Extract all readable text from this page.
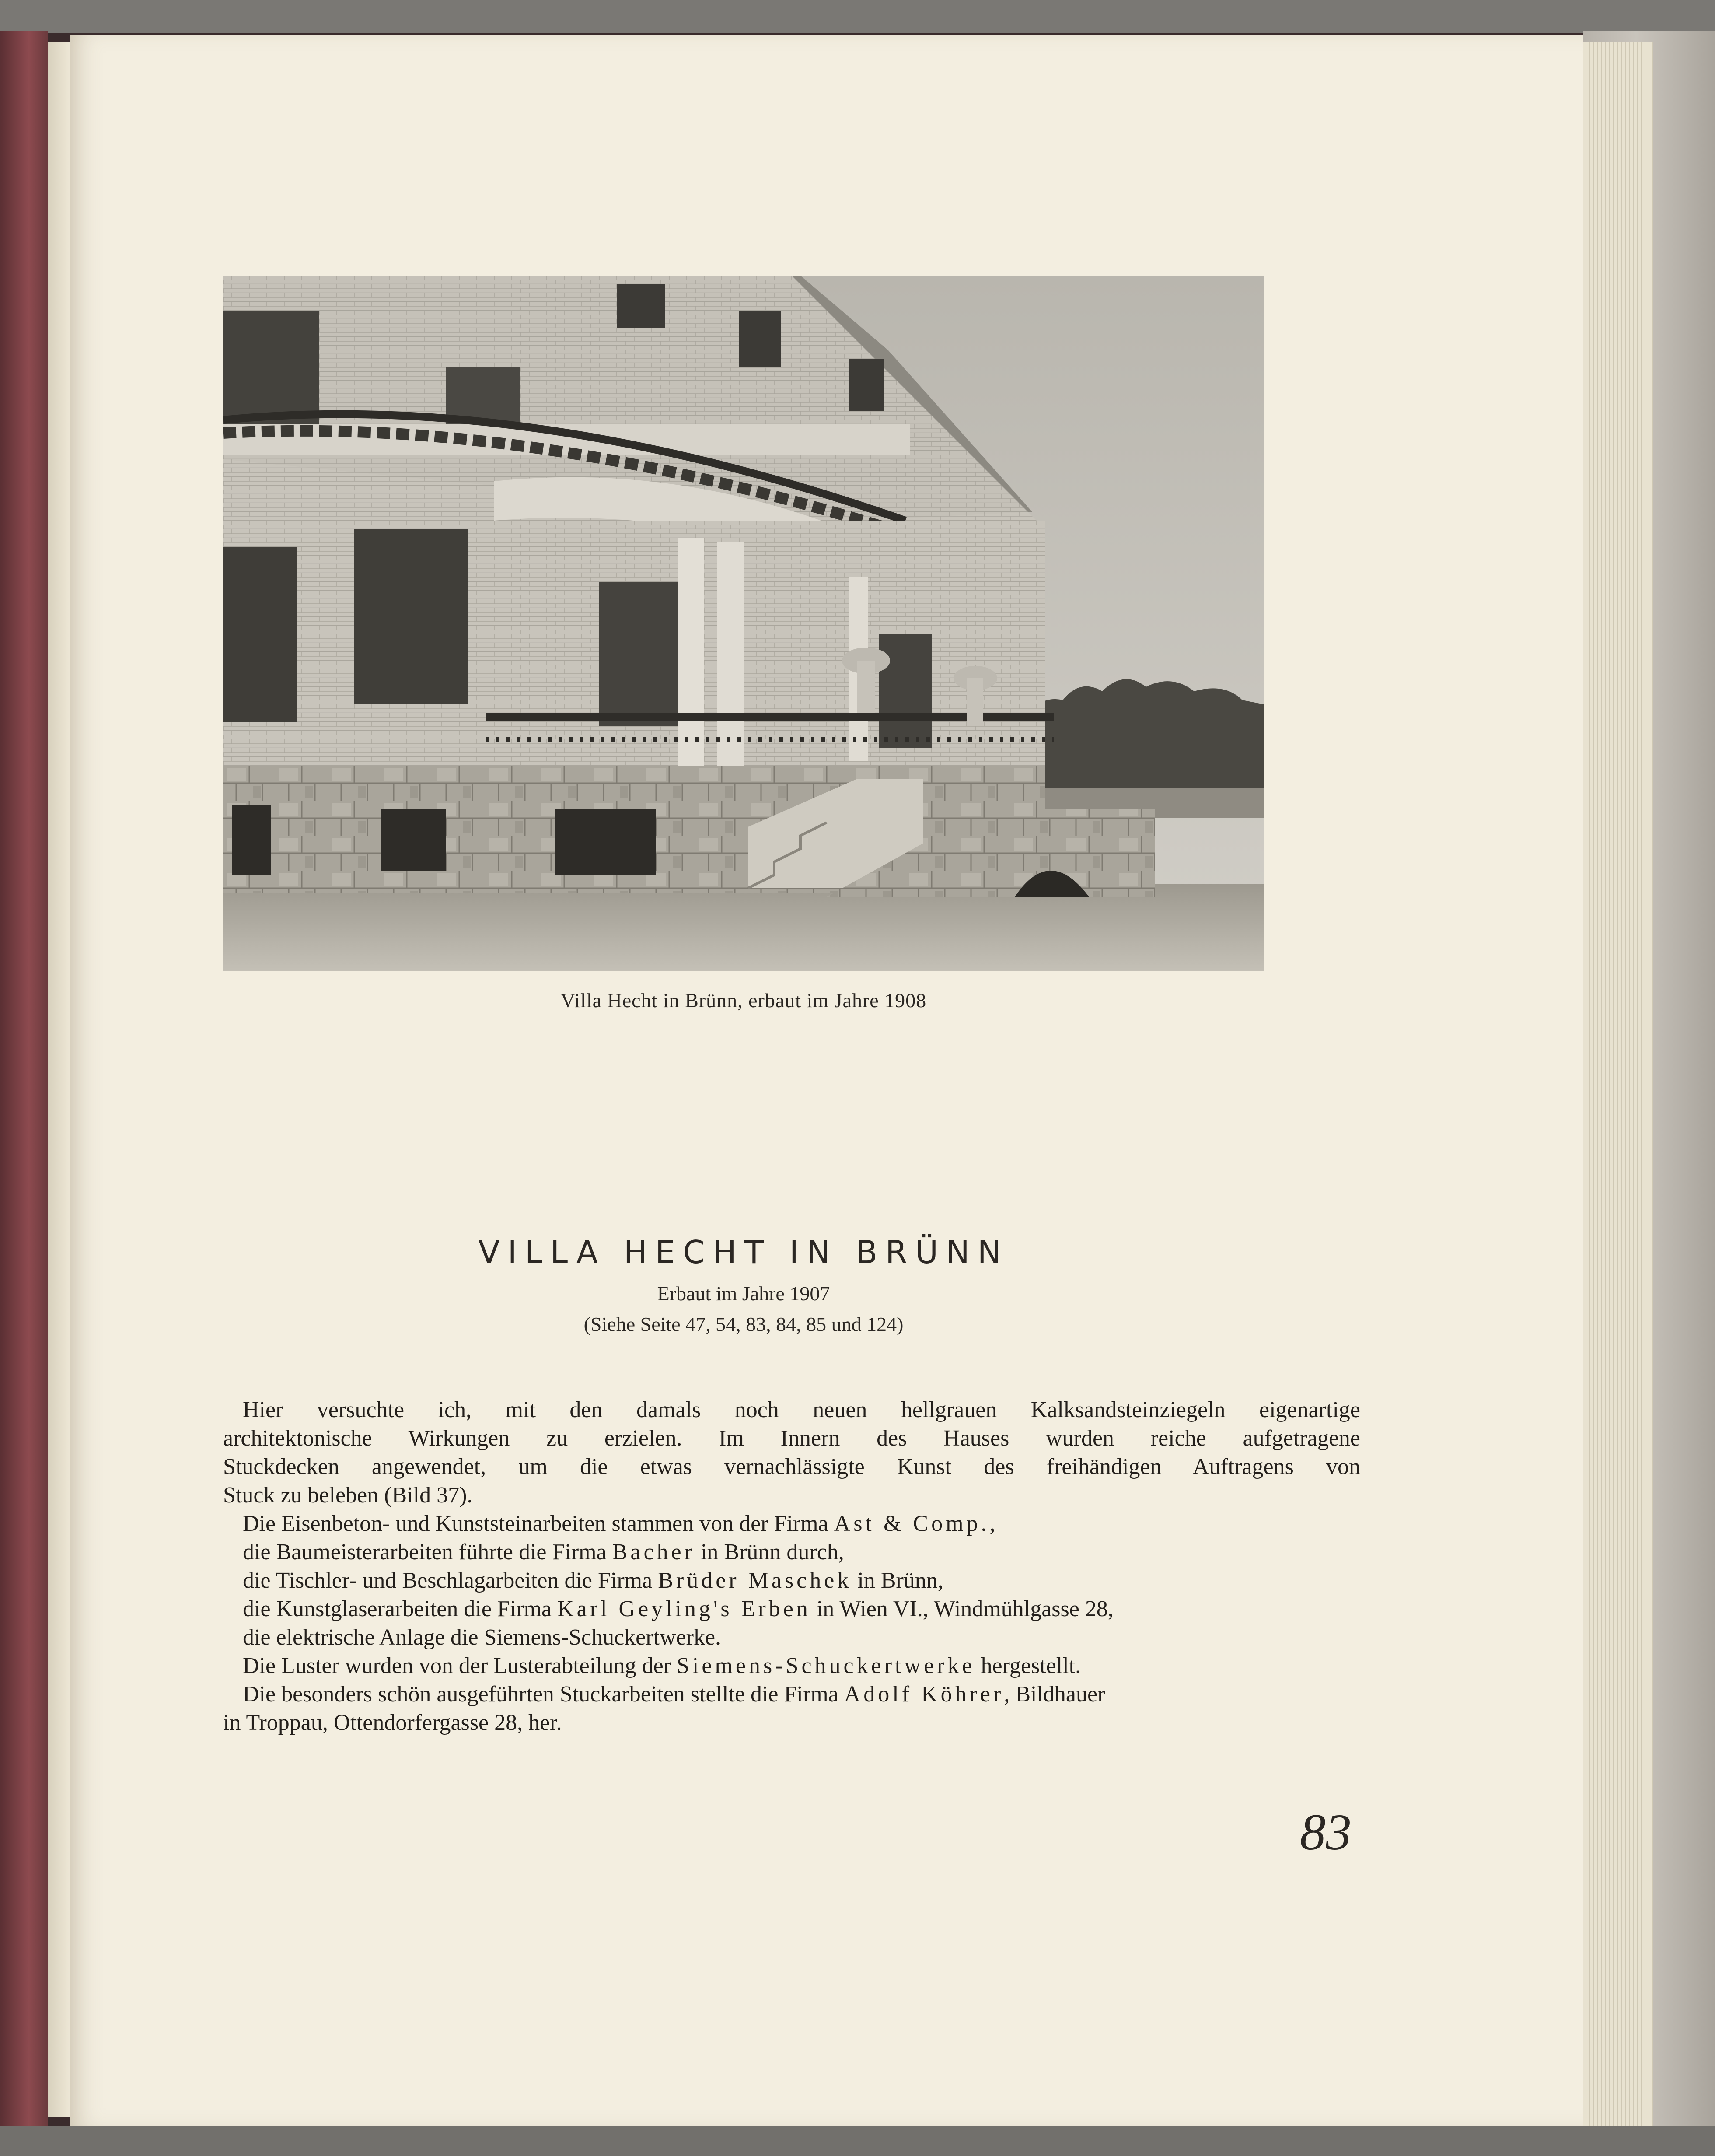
Villa Hecht in Brünn, erbaut im Jahre 1908
VILLA HECHT IN BRÜNN
Erbaut im Jahre 1907
(Siehe Seite 47, 54, 83, 84, 85 und 124)

Hier versuchte ich, mit den damals noch neuen hellgrauen Kalksandsteinziegeln eigenartige

architektonische Wirkungen zu erzielen. Im Innern des Hauses wurden reiche aufgetragene

Stuckdecken angewendet, um die etwas vernachlässigte Kunst des freihändigen Auftragens von

Stuck zu beleben (Bild 37).

Die Eisenbeton- und Kunststeinarbeiten stammen von der Firma Ast & Comp.,

die Baumeisterarbeiten führte die Firma Bacher in Brünn durch,

die Tischler- und Beschlagarbeiten die Firma Brüder Maschek in Brünn,

die Kunstglaserarbeiten die Firma Karl Geyling's Erben in Wien VI., Windmühlgasse 28,

die elektrische Anlage die Siemens-Schuckertwerke.

Die Luster wurden von der Lusterabteilung der Siemens-Schuckertwerke hergestellt.

Die besonders schön ausgeführten Stuckarbeiten stellte die Firma Adolf Köhrer, Bildhauer

in Troppau, Ottendorfergasse 28, her.

83
